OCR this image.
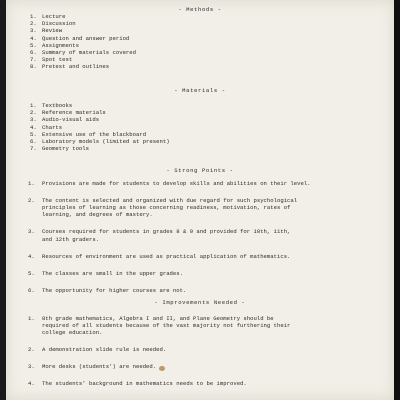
- Methods -
1. Lecture
2. Discussion
3. Review
4. Question and answer period
5. Assignments
6. Summary of materials covered
7. Spot test
8. Pretest and outlines
- Materials -
1. Textbooks
2. Reference materials
3. Audio-visual aids
4. Charts
5. Extensive use of the blackboard
6. Laboratory models (limited at present)
7. Geometry tools
- Strong Points -
1.	Provisions are made for students to develop skills and abilities on their level.
2.	The content is selected and organized with due regard for such psychological
principles of learning as those concerning readiness, motivation, rates of
learning, and degrees of mastery.
3.	Courses required for students in grades 8 & 9 and provided for 10th, 11th,
and 12th graders.
4.	Resources of environment are used as practical application of mathematics.
5.	The classes are small in the upper grades.
6.	The opportunity for higher courses are not.
- Improvements Needed -
1.	8th grade mathematics, Algebra I and II, and Plane Geometry should be
required of all students because of the vast majority not furthering their
college education.
2.	A demonstration slide rule is needed.
3.	More desks (students') are needed.
4.	The students' background in mathematics needs to be improved.
